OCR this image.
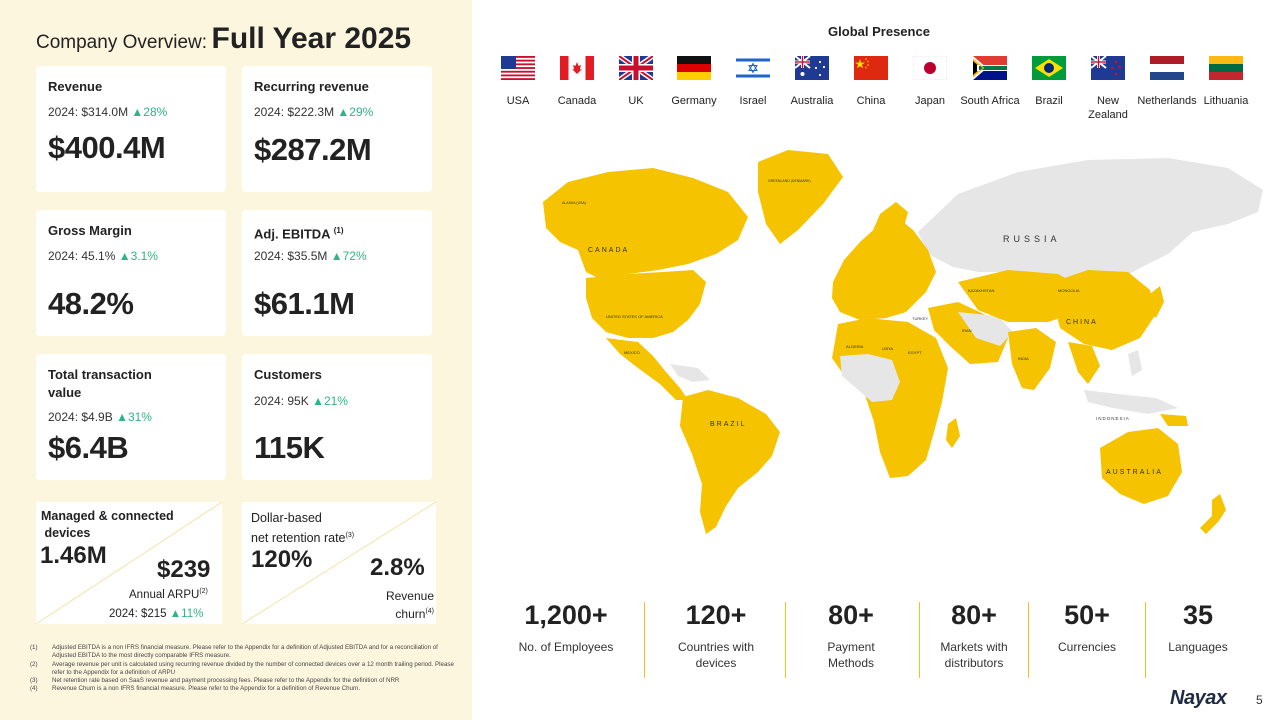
Company Overview: Full Year 2025
Revenue
2024: $314.0M ▲28%
$400.4M
Recurring revenue
2024: $222.3M ▲29%
$287.2M
Gross Margin
2024: 45.1% ▲3.1%
48.2%
Adj. EBITDA $^{(1)}$
2024: $35.5M ▲72%
$61.1M
Total transaction
value
2024: $4.9B ▲31%
$6.4B
Customers
2024: 95K ▲21%
115K
Managed & connected
devices
1.46M
$239
Annual ARPU$^{(2)}$
2024: $215 ▲11%
Dollar-based
net retention rate$^{(3)}$
120% 2.8%
Revenue
churn$^{(4)}$
(1)	Adjusted EBITDA is a non IFRS financial measure. Please refer to the Appendix for a definition of Adjusted EBITDA and for a reconciliation of Adjusted EBITDA to the most directly comparable IFRS measure.
(2)	Average revenue per unit is calculated using recurring revenue divided by the number of connected devices over a 12 month trailing period. Please refer to the Appendix for a definition of ARPU
(3)	Net retention rate based on SaaS revenue and payment processing fees. Please refer to the Appendix for the definition of NRR
(4)	Revenue Churn is a non IFRS financial measure. Please refer to the Appendix for a definition of Revenue Churn.
Global Presence
USA	Canada	UK	Germany	Israel	Australia	China	Japan	South Africa	Brazil	New Zealand
Netherlands Lithuania
CANADA
ALASKA (USA)
GREENLAND (DENMARK)
UNITED STATES OF AMERICA
MEXICO
BRAZIL
RUSSIA
KAZAKHSTAN	MONGOLIA
CHINA
INDIA
IRAN
TURKEY
ALGERIA	LIBYA
EGYPT
INDONESIA
AUSTRALIA
1,200+
No. of Employees

120+
Countries with
devices
80+
Payment
Methods
80+
Markets with
distributors
50+
Currencies

35
Languages

Nayax 5
